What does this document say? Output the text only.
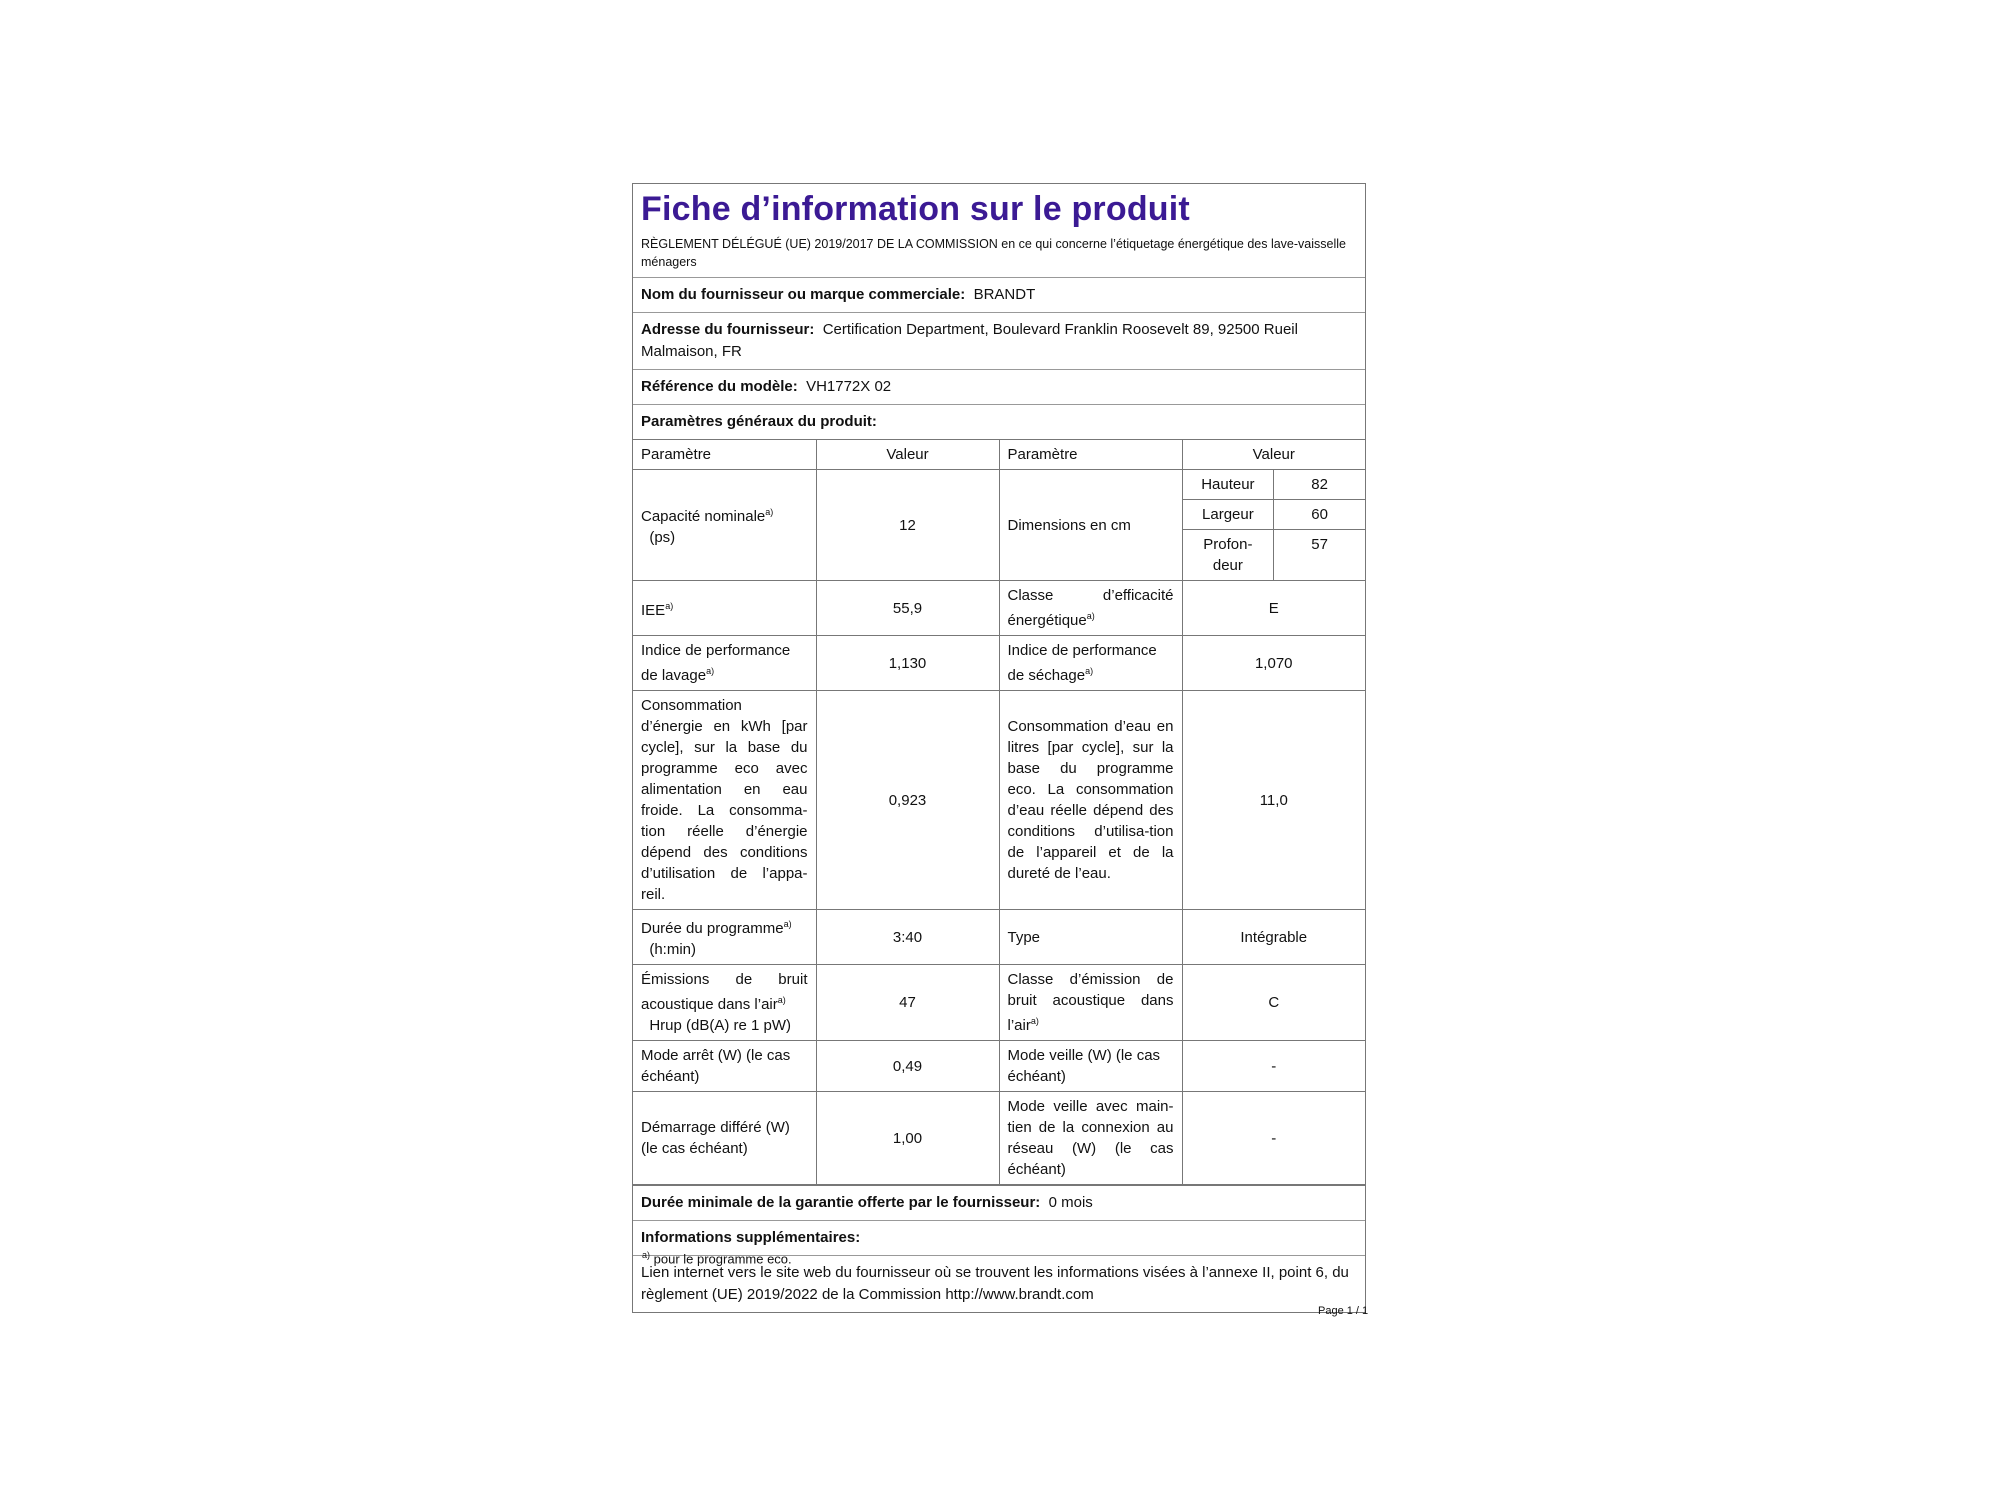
Fiche d’information sur le produit
RÈGLEMENT DÉLÉGUÉ (UE) 2019/2017 DE LA COMMISSION en ce qui concerne l’étiquetage énergétique des lave-vaisselle ménagers
Nom du fournisseur ou marque commerciale: BRANDT
Adresse du fournisseur: Certification Department, Boulevard Franklin Roosevelt 89, 92500 Rueil Malmaison, FR
Référence du modèle: VH1772X 02
Paramètres généraux du produit:
Paramètre	Valeur	Paramètre	Valeur
Capacité nominale$^{a)}$
(ps)	12	Dimensions en cm	
Hauteur	82
Largeur	60
Profon-deur	57

IEE$^{a)}$	55,9	Classe d’efficacité énergétique$^{a)}$	E
Indice de performance de lavage$^{a)}$	1,130	Indice de performance de séchage$^{a)}$	1,070
Consommation d’énergie en kWh [par cycle], sur la base du programme eco avec alimentation en eau froide. La consomma-tion réelle d’énergie dépend des conditions d’utilisation de l’appa-reil.	0,923	Consommation d’eau en litres [par cycle], sur la base du programme eco. La consommation d’eau réelle dépend des conditions d’utilisa-tion de l’appareil et de la dureté de l’eau.	11,0
Durée du programme$^{a)}$
(h:min)	3:40	Type	Intégrable
Émissions de bruit acoustique dans l’air$^{a)}$
Hrup (dB(A) re 1 pW)	47	Classe d’émission de bruit acoustique dans l’air$^{a)}$	C
Mode arrêt (W) (le cas échéant)	0,49	Mode veille (W) (le cas échéant)	-
Démarrage différé (W) (le cas échéant)	1,00	Mode veille avec main-tien de la connexion au réseau (W) (le cas échéant)	-
Durée minimale de la garantie offerte par le fournisseur: 0 mois
Informations supplémentaires:
Lien internet vers le site web du fournisseur où se trouvent les informations visées à l’annexe II, point 6, du règlement (UE) 2019/2022 de la Commission http://www.brandt.com
$^{a)}$ pour le programme eco.
Page 1 / 1
